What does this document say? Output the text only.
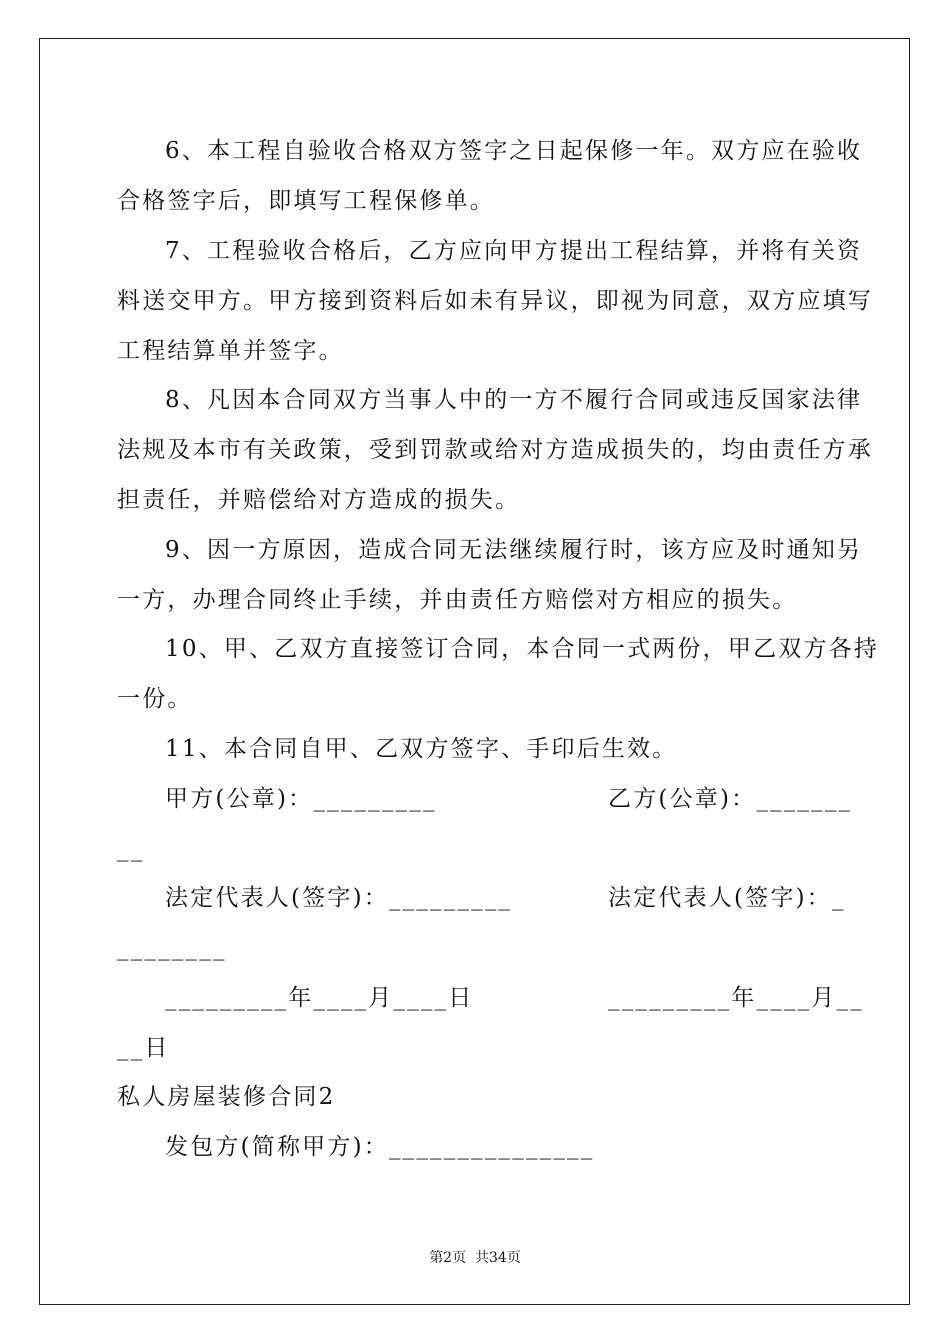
6、本工程自验收合格双方签字之日起保修一年。双方应在验收
合格签字后，即填写工程保修单。
7、工程验收合格后，乙方应向甲方提出工程结算，并将有关资
料送交甲方。甲方接到资料后如未有异议，即视为同意，双方应填写
工程结算单并签字。
8、凡因本合同双方当事人中的一方不履行合同或违反国家法律
法规及本市有关政策，受到罚款或给对方造成损失的，均由责任方承
担责任，并赔偿给对方造成的损失。
9、因一方原因，造成合同无法继续履行时，该方应及时通知另
一方，办理合同终止手续，并由责任方赔偿对方相应的损失。
10、甲、乙双方直接签订合同，本合同一式两份，甲乙双方各持
一份。
11、本合同自甲、乙双方签字、手印后生效。
甲方(公章)：_________	乙方(公章)：_______
__
法定代表人(签字)：_________	法定代表人(签字)：_
________
_________年____月____日	_________年____月__
__日
私人房屋装修合同2
发包方(简称甲方)：_______________
第2页  共34页
